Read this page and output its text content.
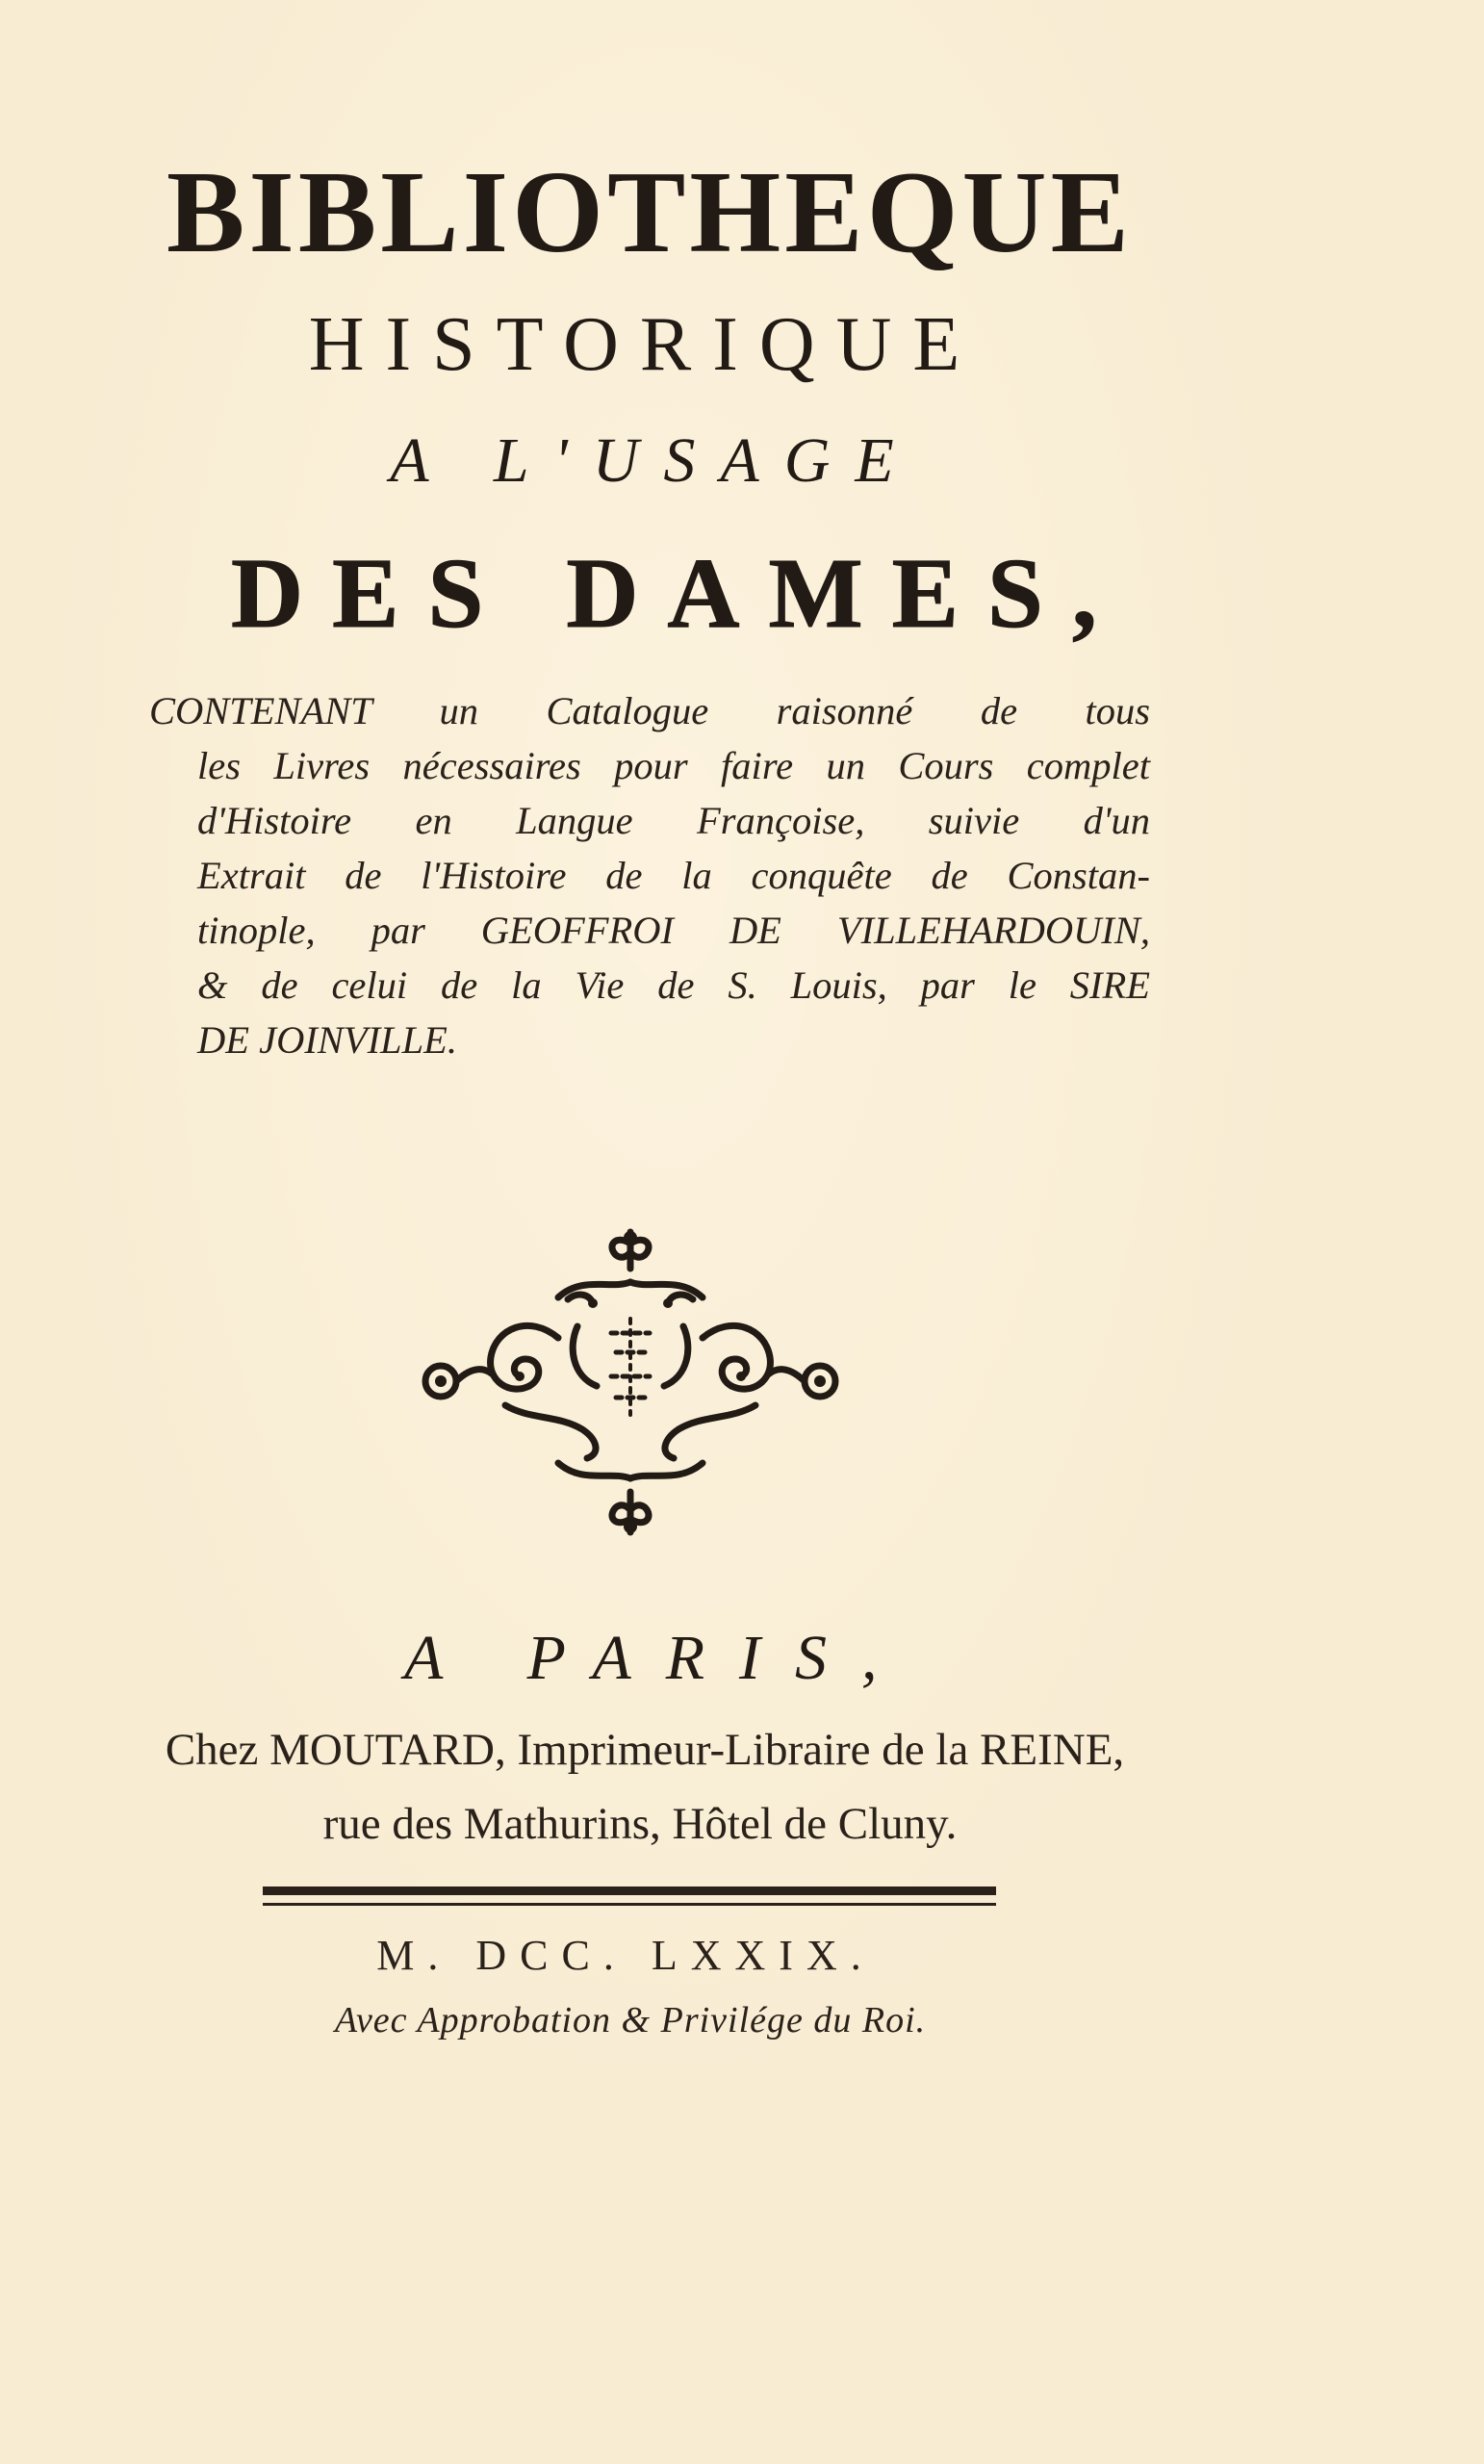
BIBLIOTHEQUE
HISTORIQUE
A L'USAGE
DES DAMES,
CONTENANT un Catalogue raisonné de tous
les Livres nécessaires pour faire un Cours complet
d'Histoire en Langue Françoise, suivie d'un
Extrait de l'Histoire de la conquête de Constan-
tinople, par GEOFFROI DE VILLEHARDOUIN,
& de celui de la Vie de S. Louis, par le SIRE
DE JOINVILLE.
A PARIS,
Chez MOUTARD, Imprimeur-Libraire de la REINE,
rue des Mathurins, Hôtel de Cluny.
M. DCC. LXXIX.
Avec Approbation & Privilége du Roi.
